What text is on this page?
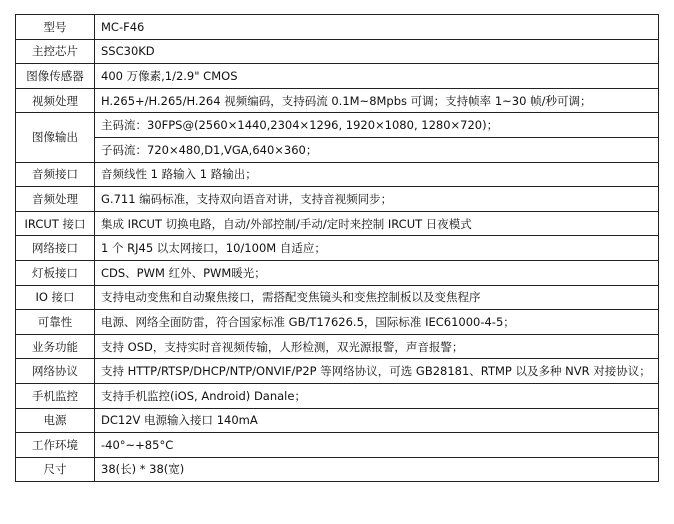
型号	MC-F46
主控芯片	SSC30KD
图像传感器	400 万像素,1/2.9" CMOS
视频处理	H.265+/H.265/H.264 视频编码，支持码流 0.1M~8Mpbs 可调；支持帧率 1~30 帧/秒可调；
图像输出	主码流：30FPS@(2560×1440,2304×1296, 1920×1080, 1280×720)；
	子码流：720×480,D1,VGA,640×360；
音频接口	音频线性 1 路输入 1 路输出；
音频处理	G.711 编码标准，支持双向语音对讲，支持音视频同步；
IRCUT 接口	集成 IRCUT 切换电路，自动/外部控制/手动/定时来控制 IRCUT 日夜模式
网络接口	1 个 RJ45 以太网接口，10/100M 自适应；
灯板接口	CDS、PWM 红外、PWM暖光；
IO 接口	支持电动变焦和自动聚焦接口，需搭配变焦镜头和变焦控制板以及变焦程序
可靠性	电源、网络全面防雷，符合国家标准 GB/T17626.5，国际标准 IEC61000-4-5；
业务功能	支持 OSD，支持实时音视频传输，人形检测，双光源报警，声音报警；
网络协议	支持 HTTP/RTSP/DHCP/NTP/ONVIF/P2P 等网络协议，可选 GB28181、RTMP 以及多种 NVR 对接协议；
手机监控	支持手机监控(iOS, Android) Danale；
电源	DC12V 电源输入接口 140mA
工作环境	-40°~+85°C
尺寸	38(长) * 38(宽)
